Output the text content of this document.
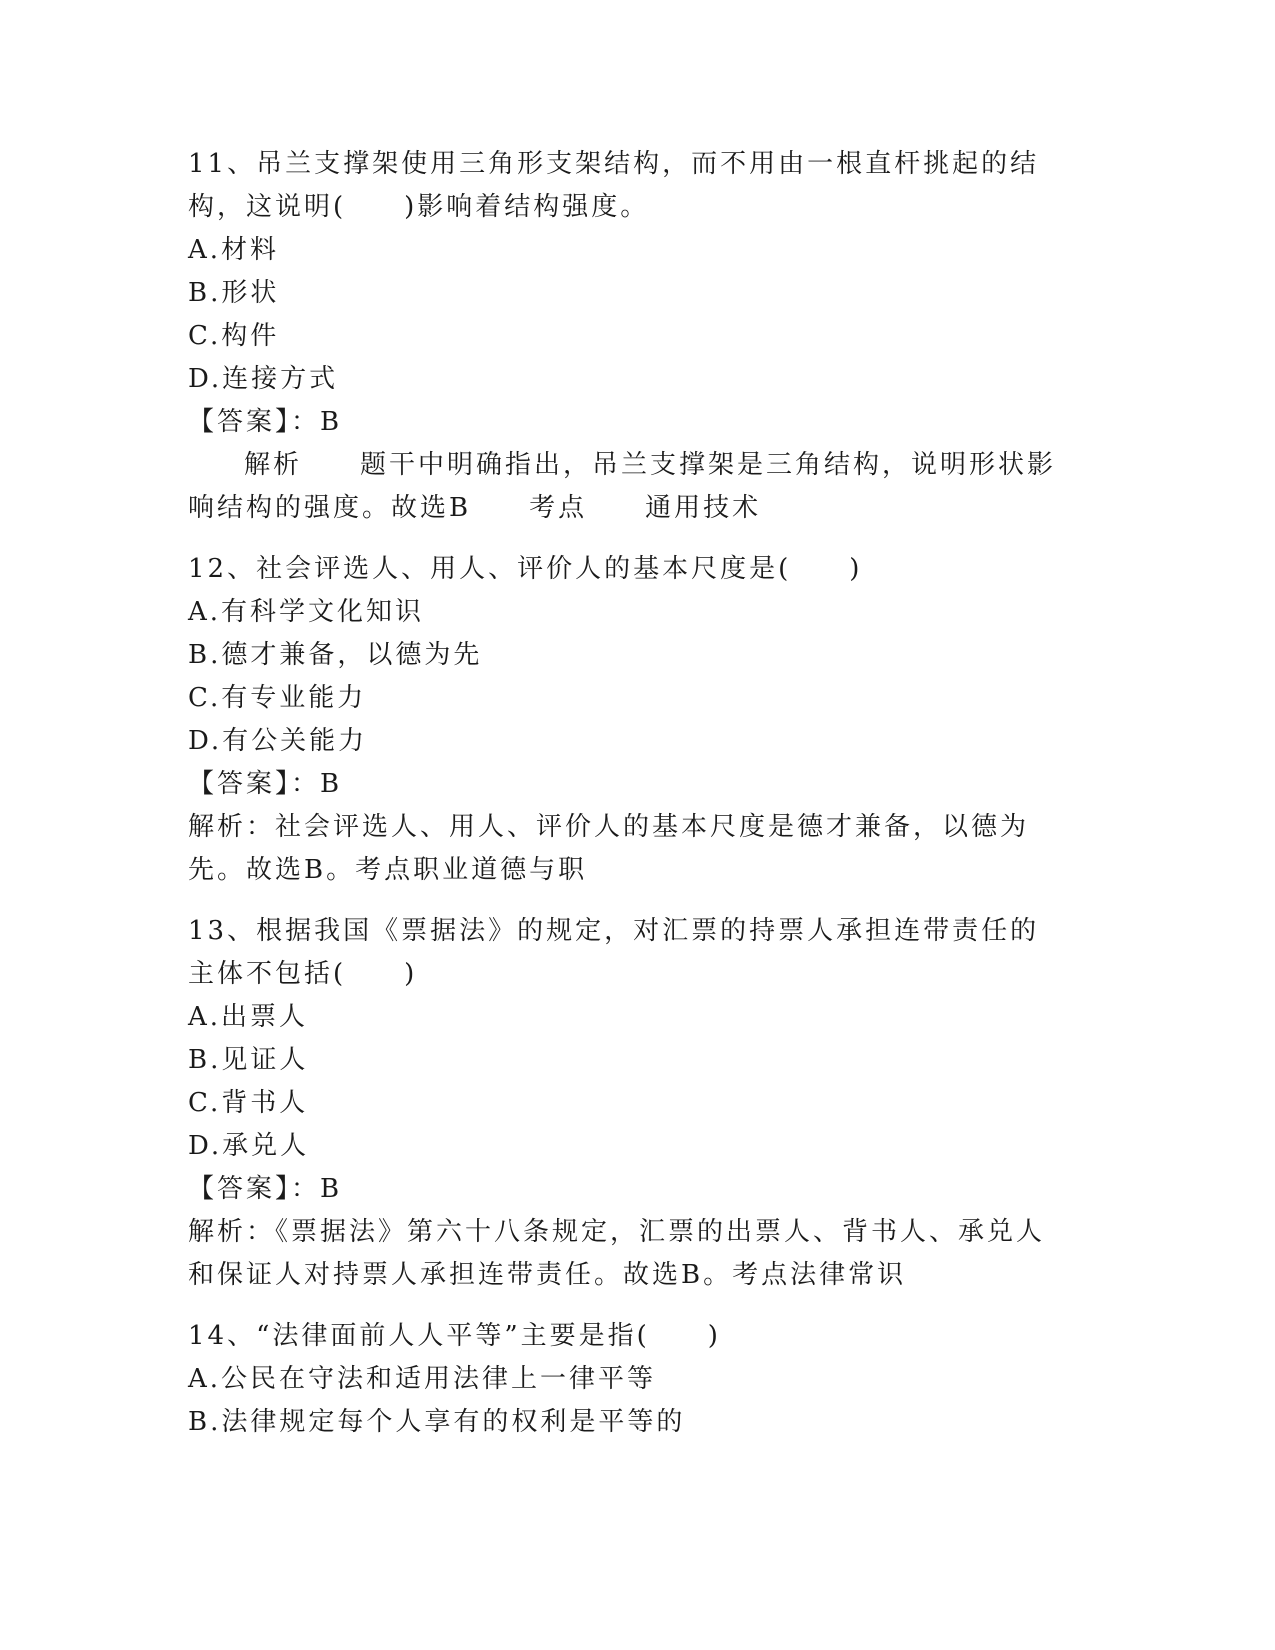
11、吊兰支撑架使用三角形支架结构，而不用由一根直杆挑起的结构，这说明(　　)影响着结构强度。
A.材料
B.形状
C.构件
D.连接方式
【答案】：B
解析　　题干中明确指出，吊兰支撑架是三角结构，说明形状影响结构的强度。故选B　　考点　　通用技术
12、社会评选人、用人、评价人的基本尺度是(　　)
A.有科学文化知识
B.德才兼备，以德为先
C.有专业能力
D.有公关能力
【答案】：B
解析：社会评选人、用人、评价人的基本尺度是德才兼备，以德为先。故选B。考点职业道德与职
13、根据我国《票据法》的规定，对汇票的持票人承担连带责任的主体不包括(　　)
A.出票人
B.见证人
C.背书人
D.承兑人
【答案】：B
解析：《票据法》第六十八条规定，汇票的出票人、背书人、承兑人和保证人对持票人承担连带责任。故选B。考点法律常识
14、“法律面前人人平等”主要是指(　　)
A.公民在守法和适用法律上一律平等
B.法律规定每个人享有的权利是平等的
